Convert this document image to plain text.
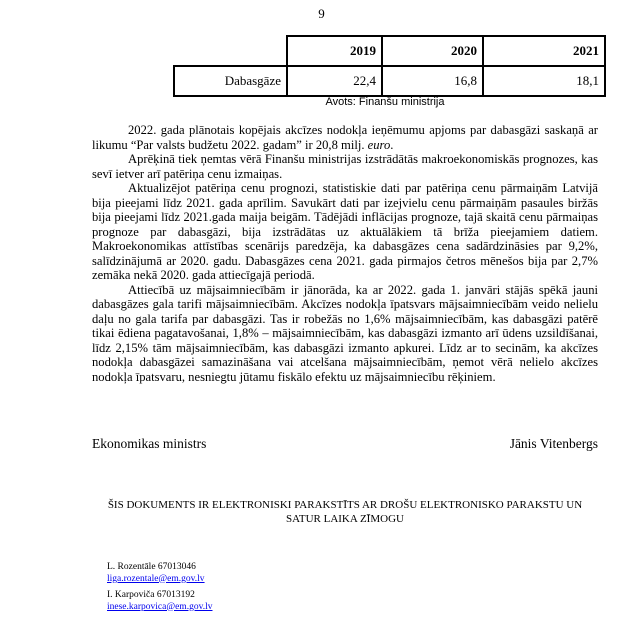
9
	2019	2020	2021
Dabasgāze	22,4	16,8	18,1
Avots: Finanšu ministrija

2022. gada plānotais kopējais akcīzes nodokļa ieņēmumu apjoms par dabasgāzi saskaņā ar likumu “Par valsts budžetu 2022. gadam” ir 20,8 milj. euro.

Aprēķinā tiek ņemtas vērā Finanšu ministrijas izstrādātās makroekonomiskās prognozes, kas sevī ietver arī patēriņa cenu izmaiņas.

Aktualizējot patēriņa cenu prognozi, statistiskie dati par patēriņa cenu pārmaiņām Latvijā bija pieejami līdz 2021. gada aprīlim. Savukārt dati par izejvielu cenu pārmaiņām pasaules biržās bija pieejami līdz 2021.gada maija beigām. Tādējādi inflācijas prognoze, tajā skaitā cenu pārmaiņas prognoze par dabasgāzi, bija izstrādātas uz aktuālākiem tā brīža pieejamiem datiem. Makroekonomikas attīstības scenārijs paredzēja, ka dabasgāzes cena sadārdzināsies par 9,2%, salīdzinājumā ar 2020. gadu. Dabasgāzes cena 2021. gada pirmajos četros mēnešos bija par 2,7% zemāka nekā 2020. gada attiecīgajā periodā.

Attiecībā uz mājsaimniecībām ir jānorāda, ka ar 2022. gada 1. janvāri stājās spēkā jauni dabasgāzes gala tarifi mājsaimniecībām. Akcīzes nodokļa īpatsvars mājsaimniecībām veido nelielu daļu no gala tarifa par dabasgāzi. Tas ir robežās no 1,6% mājsaimniecībām, kas dabasgāzi patērē tikai ēdiena pagatavošanai, 1,8% – mājsaimniecībām, kas dabasgāzi izmanto arī ūdens uzsildīšanai, līdz 2,15% tām mājsaimniecībām, kas dabasgāzi izmanto apkurei. Līdz ar to secinām, ka akcīzes nodokļa dabasgāzei samazināšana vai atcelšana mājsaimniecībām, ņemot vērā nelielo akcīzes nodokļa īpatsvaru, nesniegtu jūtamu fiskālo efektu uz mājsaimniecību rēķiniem.

Ekonomikas ministrs	Jānis Vitenbergs
ŠIS DOKUMENTS IR ELEKTRONISKI PARAKSTĪTS AR DROŠU ELEKTRONISKO PARAKSTU UN SATUR LAIKA ZĪMOGU
L. Rozentāle 67013046
liga.rozentale@em.gov.lv
I. Karpoviča 67013192
inese.karpovica@em.gov.lv
